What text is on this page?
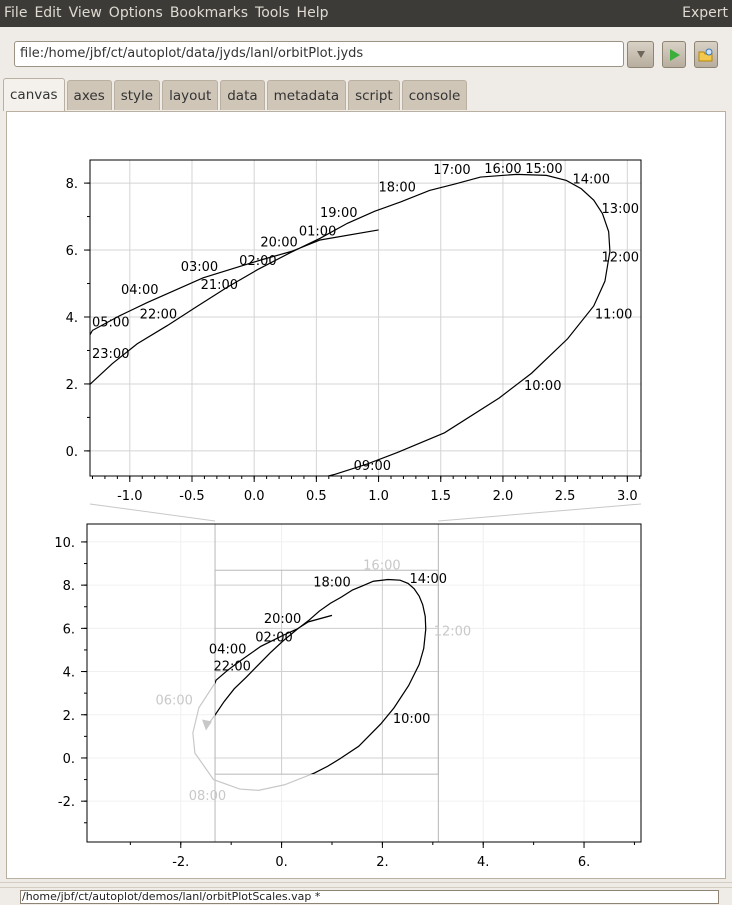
File Edit View Options Bookmarks Tools Help	Expert
file:/home/jbf/ct/autoplot/data/jyds/lanl/orbitPlot.jyds
canvas	axes	style	layout	data	metadata	script	console
-1.0	-0.5	0.0	0.5	1.0	1.5	2.0	2.5	3.0
0.
2.
4.
6.
8.
17:00 16:00 15:00
14:00
13:00
12:00
11:00
10:00
09:00
18:00
19:00
01:00
20:00
02:00
03:00
21:00
04:00
22:00
05:00
23:00
-2.	0.	2.	4.	6.
-2.
0.
2.
4.
6.
8.
10.
16:00
14:00
18:00
20:00
02:00
04:00
22:00
06:00
12:00
10:00
08:00
/home/jbf/ct/autoplot/demos/lanl/orbitPlotScales.vap *
